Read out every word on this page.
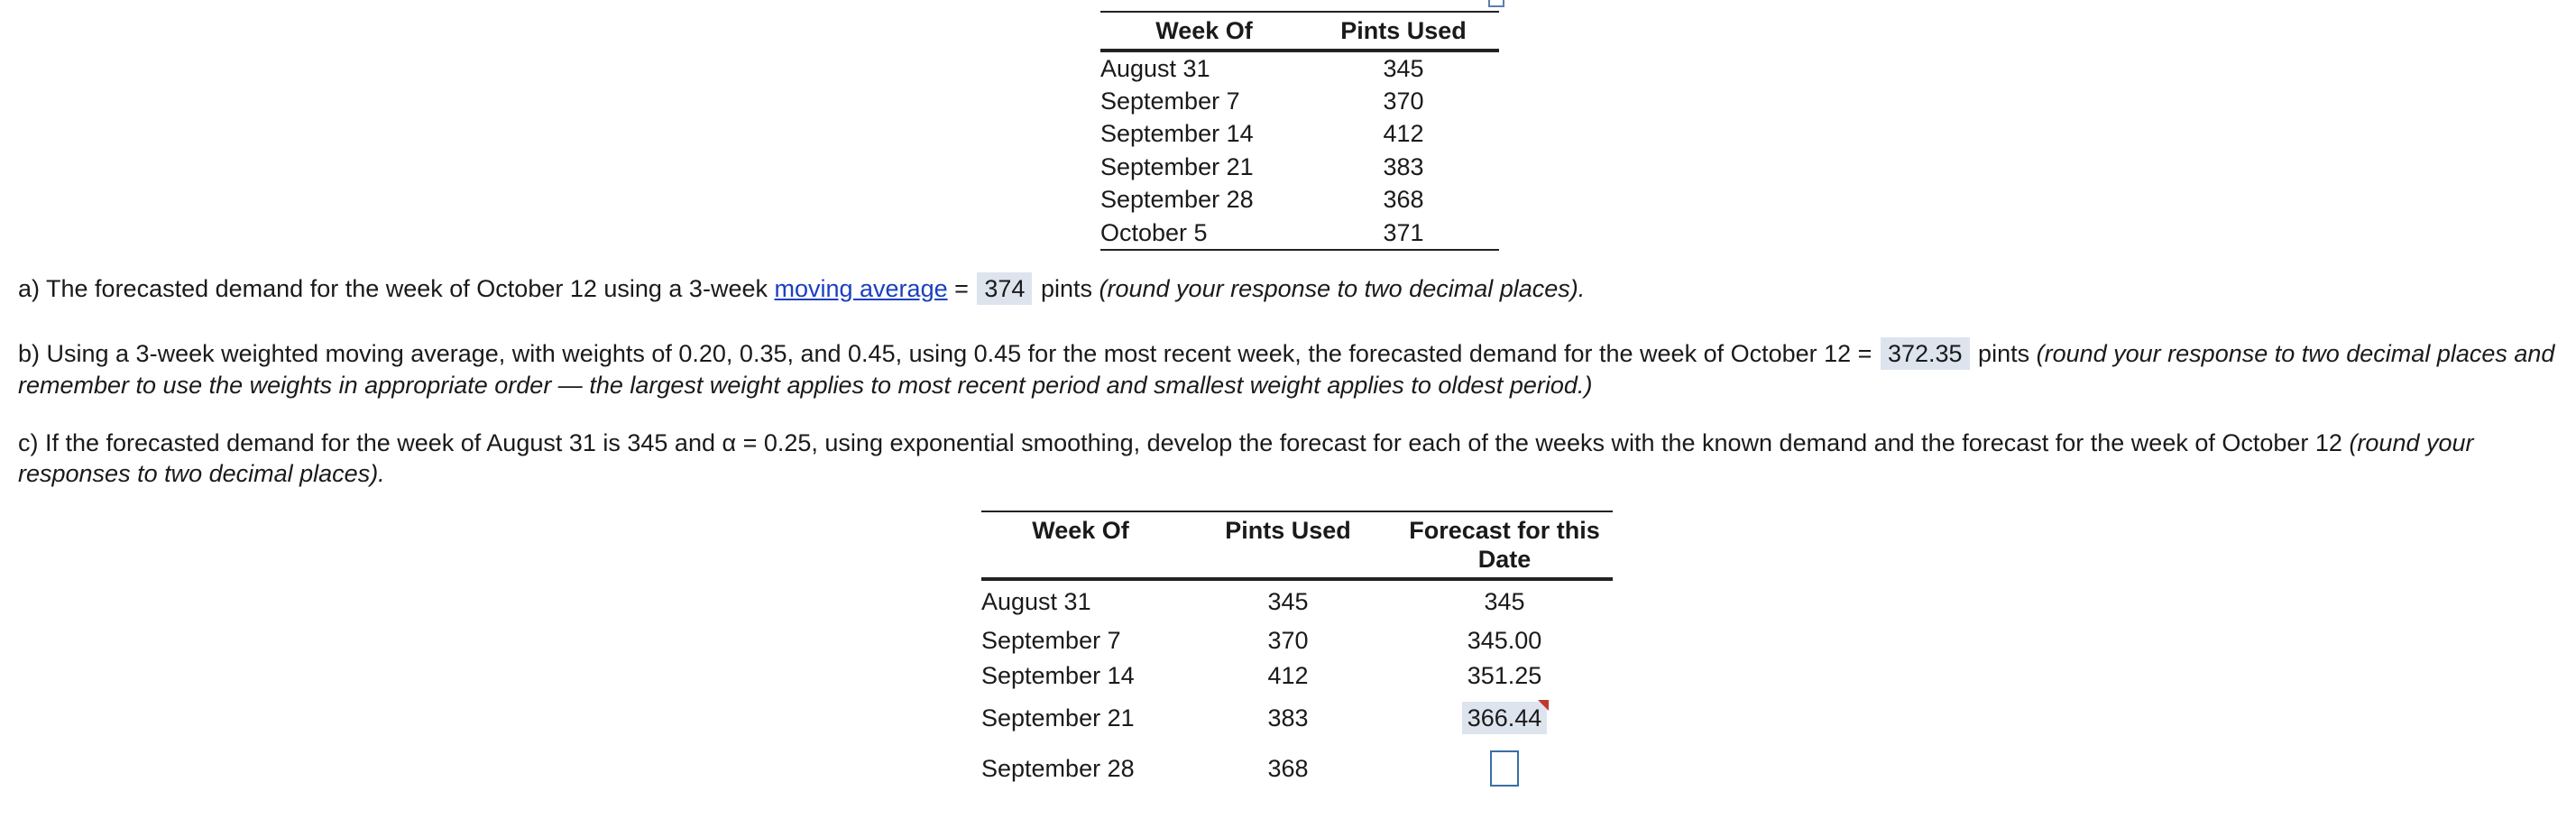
Week Of	Pints Used
August 31	345
September 7	370
September 14	412
September 21	383
September 28	368
October 5	371
a) The forecasted demand for the week of October 12 using a 3-week moving average = 374 pints (round your response to two decimal places).
b) Using a 3-week weighted moving average, with weights of 0.20, 0.35, and 0.45, using 0.45 for the most recent week, the forecasted demand for the week of October 12 = 372.35 pints (round your response to two decimal places and remember to use the weights in appropriate order — the largest weight applies to most recent period and smallest weight applies to oldest period.)
c) If the forecasted demand for the week of August 31 is 345 and α = 0.25, using exponential smoothing, develop the forecast for each of the weeks with the known demand and the forecast for the week of October 12 (round your responses to two decimal places).
Week Of	Pints Used	Forecast for this Date
August 31	345	345
September 7	370	345.00
September 14	412	351.25
September 21	383	366.44

September 28	368	
